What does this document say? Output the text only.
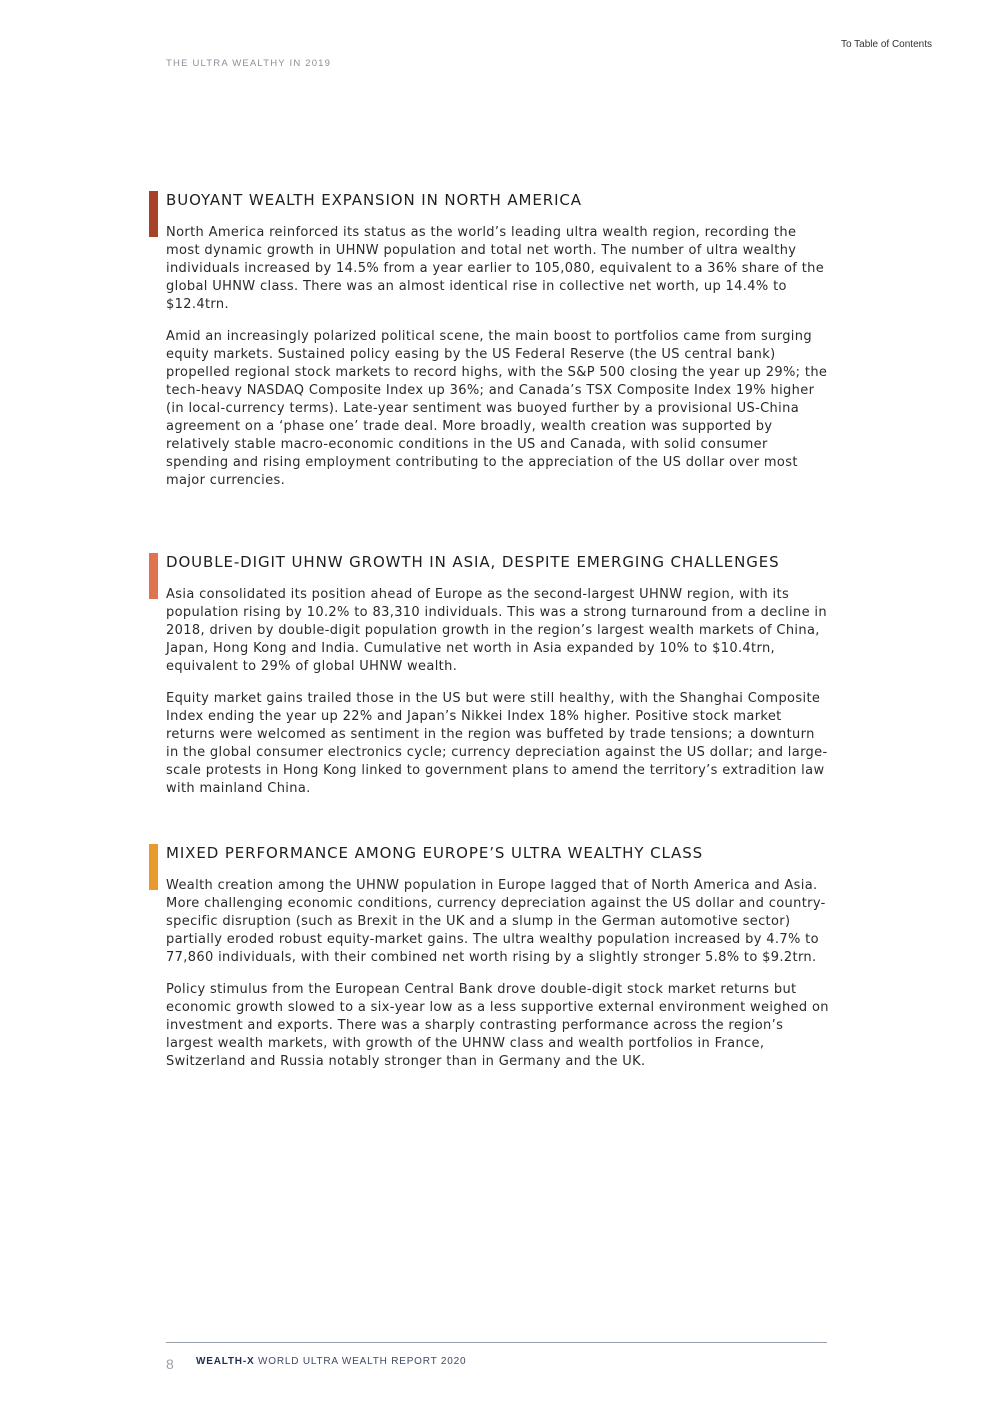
To Table of Contents
THE ULTRA WEALTHY IN 2019
BUOYANT WEALTH EXPANSION IN NORTH AMERICA

North America reinforced its status as the world’s leading ultra wealth region, recording the most dynamic growth in UHNW population and total net worth. The number of ultra wealthy individuals increased by 14.5% from a year earlier to 105,080, equivalent to a 36% share of the global UHNW class. There was an almost identical rise in collective net worth, up 14.4% to $12.4trn.

Amid an increasingly polarized political scene, the main boost to portfolios came from surging equity markets. Sustained policy easing by the US Federal Reserve (the US central bank) propelled regional stock markets to record highs, with the S&P 500 closing the year up 29%; the tech-heavy NASDAQ Composite Index up 36%; and Canada’s TSX Composite Index 19% higher (in local-currency terms). Late-year sentiment was buoyed further by a provisional US-China agreement on a ‘phase one’ trade deal. More broadly, wealth creation was supported by relatively stable macro-economic conditions in the US and Canada, with solid consumer spending and rising employment contributing to the appreciation of the US dollar over most major currencies.

DOUBLE-DIGIT UHNW GROWTH IN ASIA, DESPITE EMERGING CHALLENGES

Asia consolidated its position ahead of Europe as the second-largest UHNW region, with its population rising by 10.2% to 83,310 individuals. This was a strong turnaround from a decline in 2018, driven by double-digit population growth in the region’s largest wealth markets of China, Japan, Hong Kong and India. Cumulative net worth in Asia expanded by 10% to $10.4trn, equivalent to 29% of global UHNW wealth.

Equity market gains trailed those in the US but were still healthy, with the Shanghai Composite Index ending the year up 22% and Japan’s Nikkei Index 18% higher. Positive stock market returns were welcomed as sentiment in the region was buffeted by trade tensions; a downturn in the global consumer electronics cycle; currency depreciation against the US dollar; and large-scale protests in Hong Kong linked to government plans to amend the territory’s extradition law with mainland China.

MIXED PERFORMANCE AMONG EUROPE’S ULTRA WEALTHY CLASS

Wealth creation among the UHNW population in Europe lagged that of North America and Asia. More challenging economic conditions, currency depreciation against the US dollar and country-specific disruption (such as Brexit in the UK and a slump in the German automotive sector) partially eroded robust equity-market gains. The ultra wealthy population increased by 4.7% to 77,860 individuals, with their combined net worth rising by a slightly stronger 5.8% to $9.2trn.

Policy stimulus from the European Central Bank drove double-digit stock market returns but economic growth slowed to a six-year low as a less supportive external environment weighed on investment and exports. There was a sharply contrasting performance across the region’s largest wealth markets, with growth of the UHNW class and wealth portfolios in France, Switzerland and Russia notably stronger than in Germany and the UK.

8 WEALTH-X WORLD ULTRA WEALTH REPORT 2020
